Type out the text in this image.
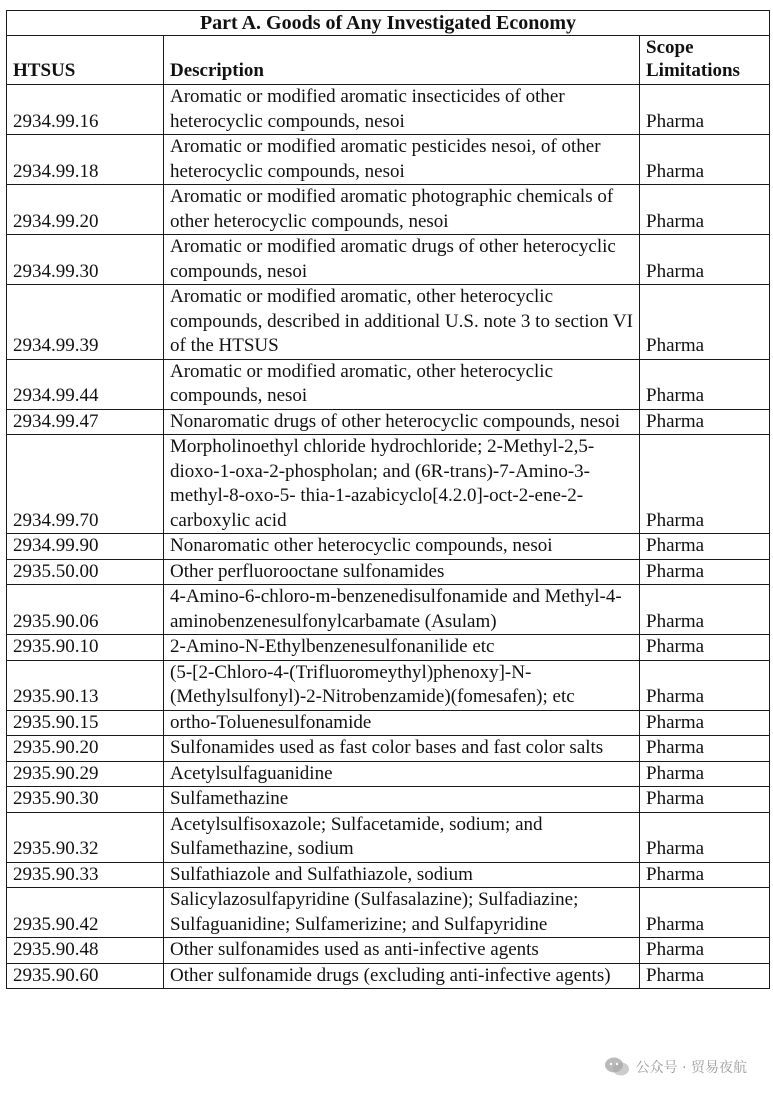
Part A. Goods of Any Investigated Economy		
HTSUS	Description	Scope Limitations
2934.99.16	Aromatic or modified aromatic insecticides of other heterocyclic compounds, nesoi	Pharma
2934.99.18	Aromatic or modified aromatic pesticides nesoi, of other heterocyclic compounds, nesoi	Pharma
2934.99.20	Aromatic or modified aromatic photographic chemicals of other heterocyclic compounds, nesoi	Pharma
2934.99.30	Aromatic or modified aromatic drugs of other heterocyclic compounds, nesoi	Pharma
2934.99.39	Aromatic or modified aromatic, other heterocyclic compounds, described in additional U.S. note 3 to section VI of the HTSUS	Pharma
2934.99.44	Aromatic or modified aromatic, other heterocyclic compounds, nesoi	Pharma
2934.99.47	Nonaromatic drugs of other heterocyclic compounds, nesoi	Pharma
2934.99.70	Morpholinoethyl chloride hydrochloride; 2-Methyl-2,5-dioxo-1-oxa-2-phospholan; and (6R-trans)-7-Amino-3-methyl-8-oxo-5- thia-1-azabicyclo[4.2.0]-oct-2-ene-2- carboxylic acid	Pharma
2934.99.90	Nonaromatic other heterocyclic compounds, nesoi	Pharma
2935.50.00	Other perfluorooctane sulfonamides	Pharma
2935.90.06	4-Amino-6-chloro-m-benzenedisulfonamide and Methyl-4-aminobenzenesulfonylcarbamate (Asulam)	Pharma
2935.90.10	2-Amino-N-Ethylbenzenesulfonanilide etc	Pharma
2935.90.13	(5-[2-Chloro-4-(Trifluoromeythyl)phenoxy]-N-(Methylsulfonyl)-2-Nitrobenzamide)(fomesafen); etc	Pharma
2935.90.15	ortho-Toluenesulfonamide	Pharma
2935.90.20	Sulfonamides used as fast color bases and fast color salts	Pharma
2935.90.29	Acetylsulfaguanidine	Pharma
2935.90.30	Sulfamethazine	Pharma
2935.90.32	Acetylsulfisoxazole; Sulfacetamide, sodium; and Sulfamethazine, sodium	Pharma
2935.90.33	Sulfathiazole and Sulfathiazole, sodium	Pharma
2935.90.42	Salicylazosulfapyridine (Sulfasalazine); Sulfadiazine; Sulfaguanidine; Sulfamerizine; and Sulfapyridine	Pharma
2935.90.48	Other sulfonamides used as anti-infective agents	Pharma
2935.90.60	Other sulfonamide drugs (excluding anti-infective agents)	Pharma
公众号 · 贸易夜航
